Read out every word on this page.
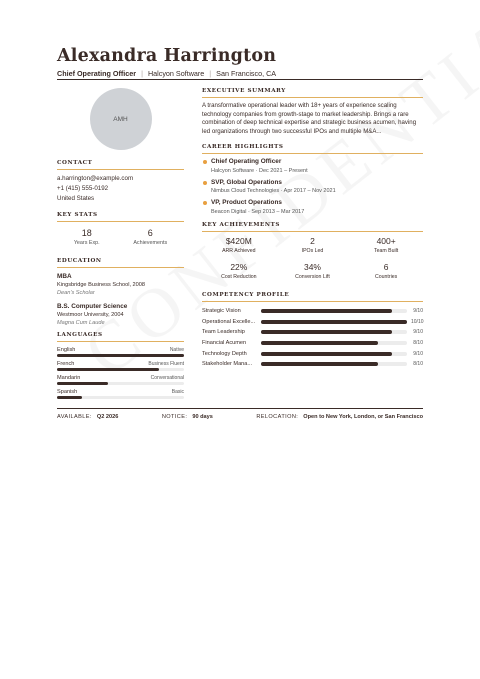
Alexandra Harrington
Chief Operating Officer | Halcyon Software | San Francisco, CA
AMH
CONTACT
a.harrington@example.com
+1 (415) 555-0192
United States
KEY STATS
18
Years Exp.
6
Achievements
EDUCATION
MBA
Kingsbridge Business School, 2008
Dean's Scholar
B.S. Computer Science
Westmoor University, 2004
Magna Cum Laude
LANGUAGES
English	Native
French	Business Fluent
Mandarin	Conversational
Spanish	Basic
EXECUTIVE SUMMARY
A transformative operational leader with 18+ years of experience scaling technology companies from growth-stage to market leadership. Brings a rare combination of deep technical expertise and strategic business acumen, having led organizations through two successful IPOs and multiple M&A...
CAREER HIGHLIGHTS
Chief Operating Officer
Halcyon Software · Dec 2021 – Present
SVP, Global Operations
Nimbus Cloud Technologies · Apr 2017 – Nov 2021
VP, Product Operations
Beacon Digital · Sep 2013 – Mar 2017
KEY ACHIEVEMENTS
$420M
ARR Achieved
2
IPOs Led
400+
Team Built
22%
Cost Reduction
34%
Conversion Lift
6
Countries
COMPETENCY PROFILE
Strategic Vision	9/10
Operational Excelle...	10/10
Team Leadership	9/10
Financial Acumen	8/10
Technology Depth	9/10
Stakeholder Mana...	8/10
AVAILABLE: Q2 2026	NOTICE: 90 days	RELOCATION: Open to New York, London, or San Francisco
